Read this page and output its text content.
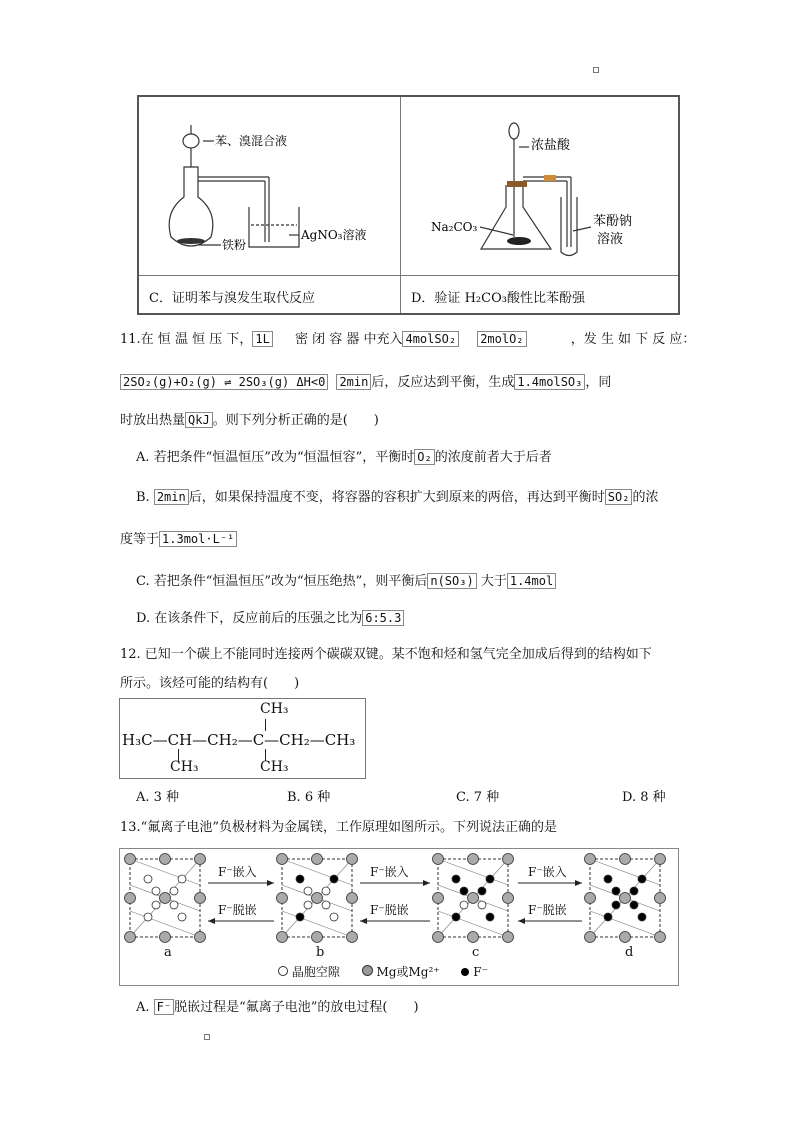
苯、溴混合液
铁粉
AgNO₃溶液
浓盐酸
Na₂CO₃	苯酚钠
溶液
C．证明苯与溴发生取代反应	D．验证 H₂CO₃酸性比苯酚强
11.在 恒 温 恒 压 下， 1L 密 闭 容 器 中充入 4molSO₂ 2molO₂	，发 生 如 下 反 应：
2SO₂(g)+O₂(g) ⇌ 2SO₃(g) ΔH<0 2min 后，反应达到平衡，生成 1.4molSO₃ ，同
时放出热量 QkJ 。则下列分析正确的是(　　)
A. 若把条件“恒温恒压”改为“恒温恒容”，平衡时 O₂ 的浓度前者大于后者
B. 2min 后，如果保持温度不变，将容器的容积扩大到原来的两倍，再达到平衡时 SO₂ 的浓
度等于 1.3mol·L⁻¹
C. 若把条件“恒温恒压”改为“恒压绝热”，则平衡后 n(SO₃) 大于 1.4mol
D. 在该条件下，反应前后的压强之比为 6:5.3
12. 已知一个碳上不能同时连接两个碳碳双键。某不饱和烃和氢气完全加成后得到的结构如下
所示。该烃可能的结构有(　　)
CH₃
H₃C—CH—CH₂—C—CH₂—CH₃
CH₃	CH₃
A. 3 种	B. 6 种	C. 7 种	D. 8 种
13.“氟离子电池”负极材料为金属镁，工作原理如图所示。下列说法正确的是
F⁻嵌入
F⁻脱嵌
F⁻嵌入
F⁻脱嵌
F⁻嵌入
F⁻脱嵌
a	b	c	d
晶胞空隙	Mg或Mg²⁺	F⁻
A. F⁻ 脱嵌过程是“氟离子电池”的放电过程(　　)
